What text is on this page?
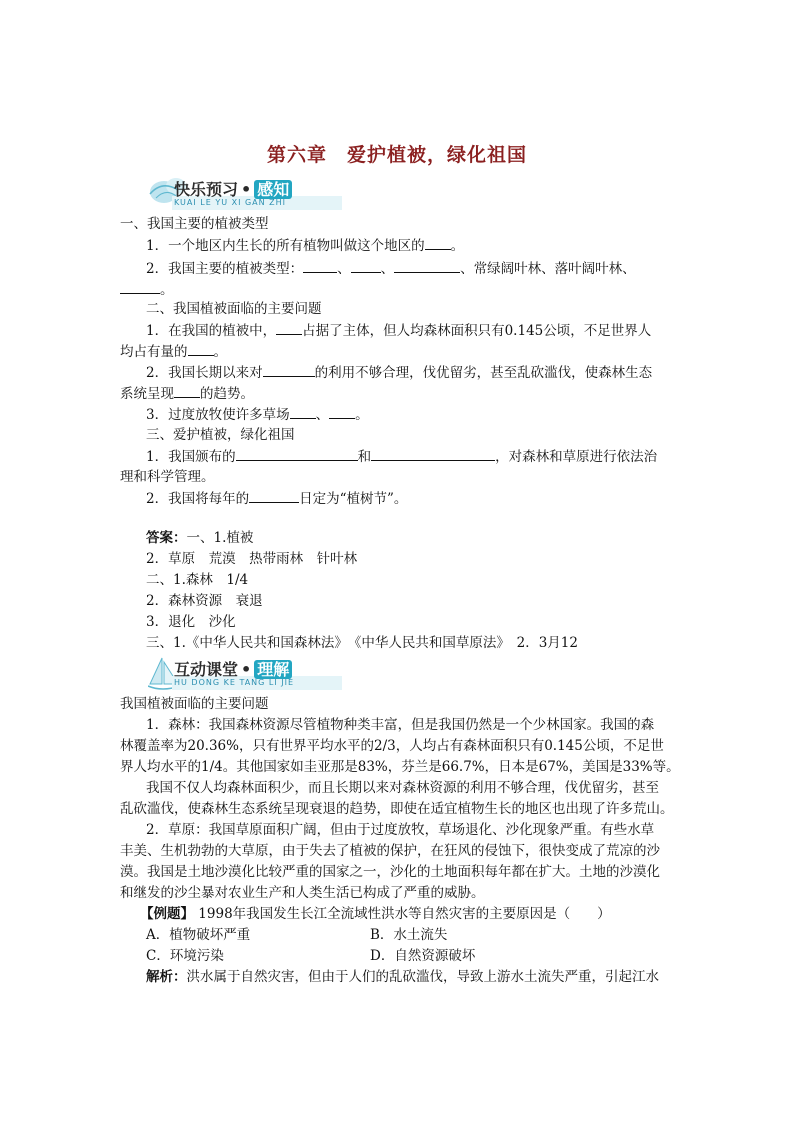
第六章　爱护植被，绿化祖国
快乐预习 • 感知
KUAI LE YU XI GAN ZHI
一、我国主要的植被类型
1．一个地区内生长的所有植物叫做这个地区的 。
2．我国主要的植被类型：	、 、	、常绿阔叶林、落叶阔叶林、
。
二、我国植被面临的主要问题
1．在我国的植被中， 占据了主体，但人均森林面积只有0.145公顷，不足世界人
均占有量的 。
2．我国长期以来对	的利用不够合理，伐优留劣，甚至乱砍滥伐，使森林生态
系统呈现 的趋势。
3．过度放牧使许多草场 、 。
三、爱护植被，绿化祖国
1．我国颁布的	和	，对森林和草原进行依法治
理和科学管理。
2．我国将每年的	日定为“植树节”。
答案：一、1.植被
2．草原　荒漠　热带雨林　针叶林
二、1.森林　1/4
2．森林资源　衰退
3．退化　沙化
三、1.《中华人民共和国森林法》　《中华人民共和国草原法》　2．3月12
互动课堂 • 理解
HU DONG KE TANG LI JIE
我国植被面临的主要问题
1．森林：我国森林资源尽管植物种类丰富，但是我国仍然是一个少林国家。我国的森
林覆盖率为20.36%，只有世界平均水平的2/3，人均占有森林面积只有0.145公顷，不足世
界人均水平的1/4。其他国家如圭亚那是83%，芬兰是66.7%，日本是67%，美国是33%等。
我国不仅人均森林面积少，而且长期以来对森林资源的利用不够合理，伐优留劣，甚至
乱砍滥伐，使森林生态系统呈现衰退的趋势，即使在适宜植物生长的地区也出现了许多荒山。
2．草原：我国草原面积广阔，但由于过度放牧，草场退化、沙化现象严重。有些水草
丰美、生机勃勃的大草原，由于失去了植被的保护，在狂风的侵蚀下，很快变成了荒凉的沙
漠。我国是土地沙漠化比较严重的国家之一，沙化的土地面积每年都在扩大。土地的沙漠化
和继发的沙尘暴对农业生产和人类生活已构成了严重的威胁。
【例题】 1998年我国发生长江全流域性洪水等自然灾害的主要原因是（　　）
A．植物破坏严重	B．水土流失
C．环境污染	D．自然资源破坏
解析：洪水属于自然灾害，但由于人们的乱砍滥伐，导致上游水土流失严重，引起江水
